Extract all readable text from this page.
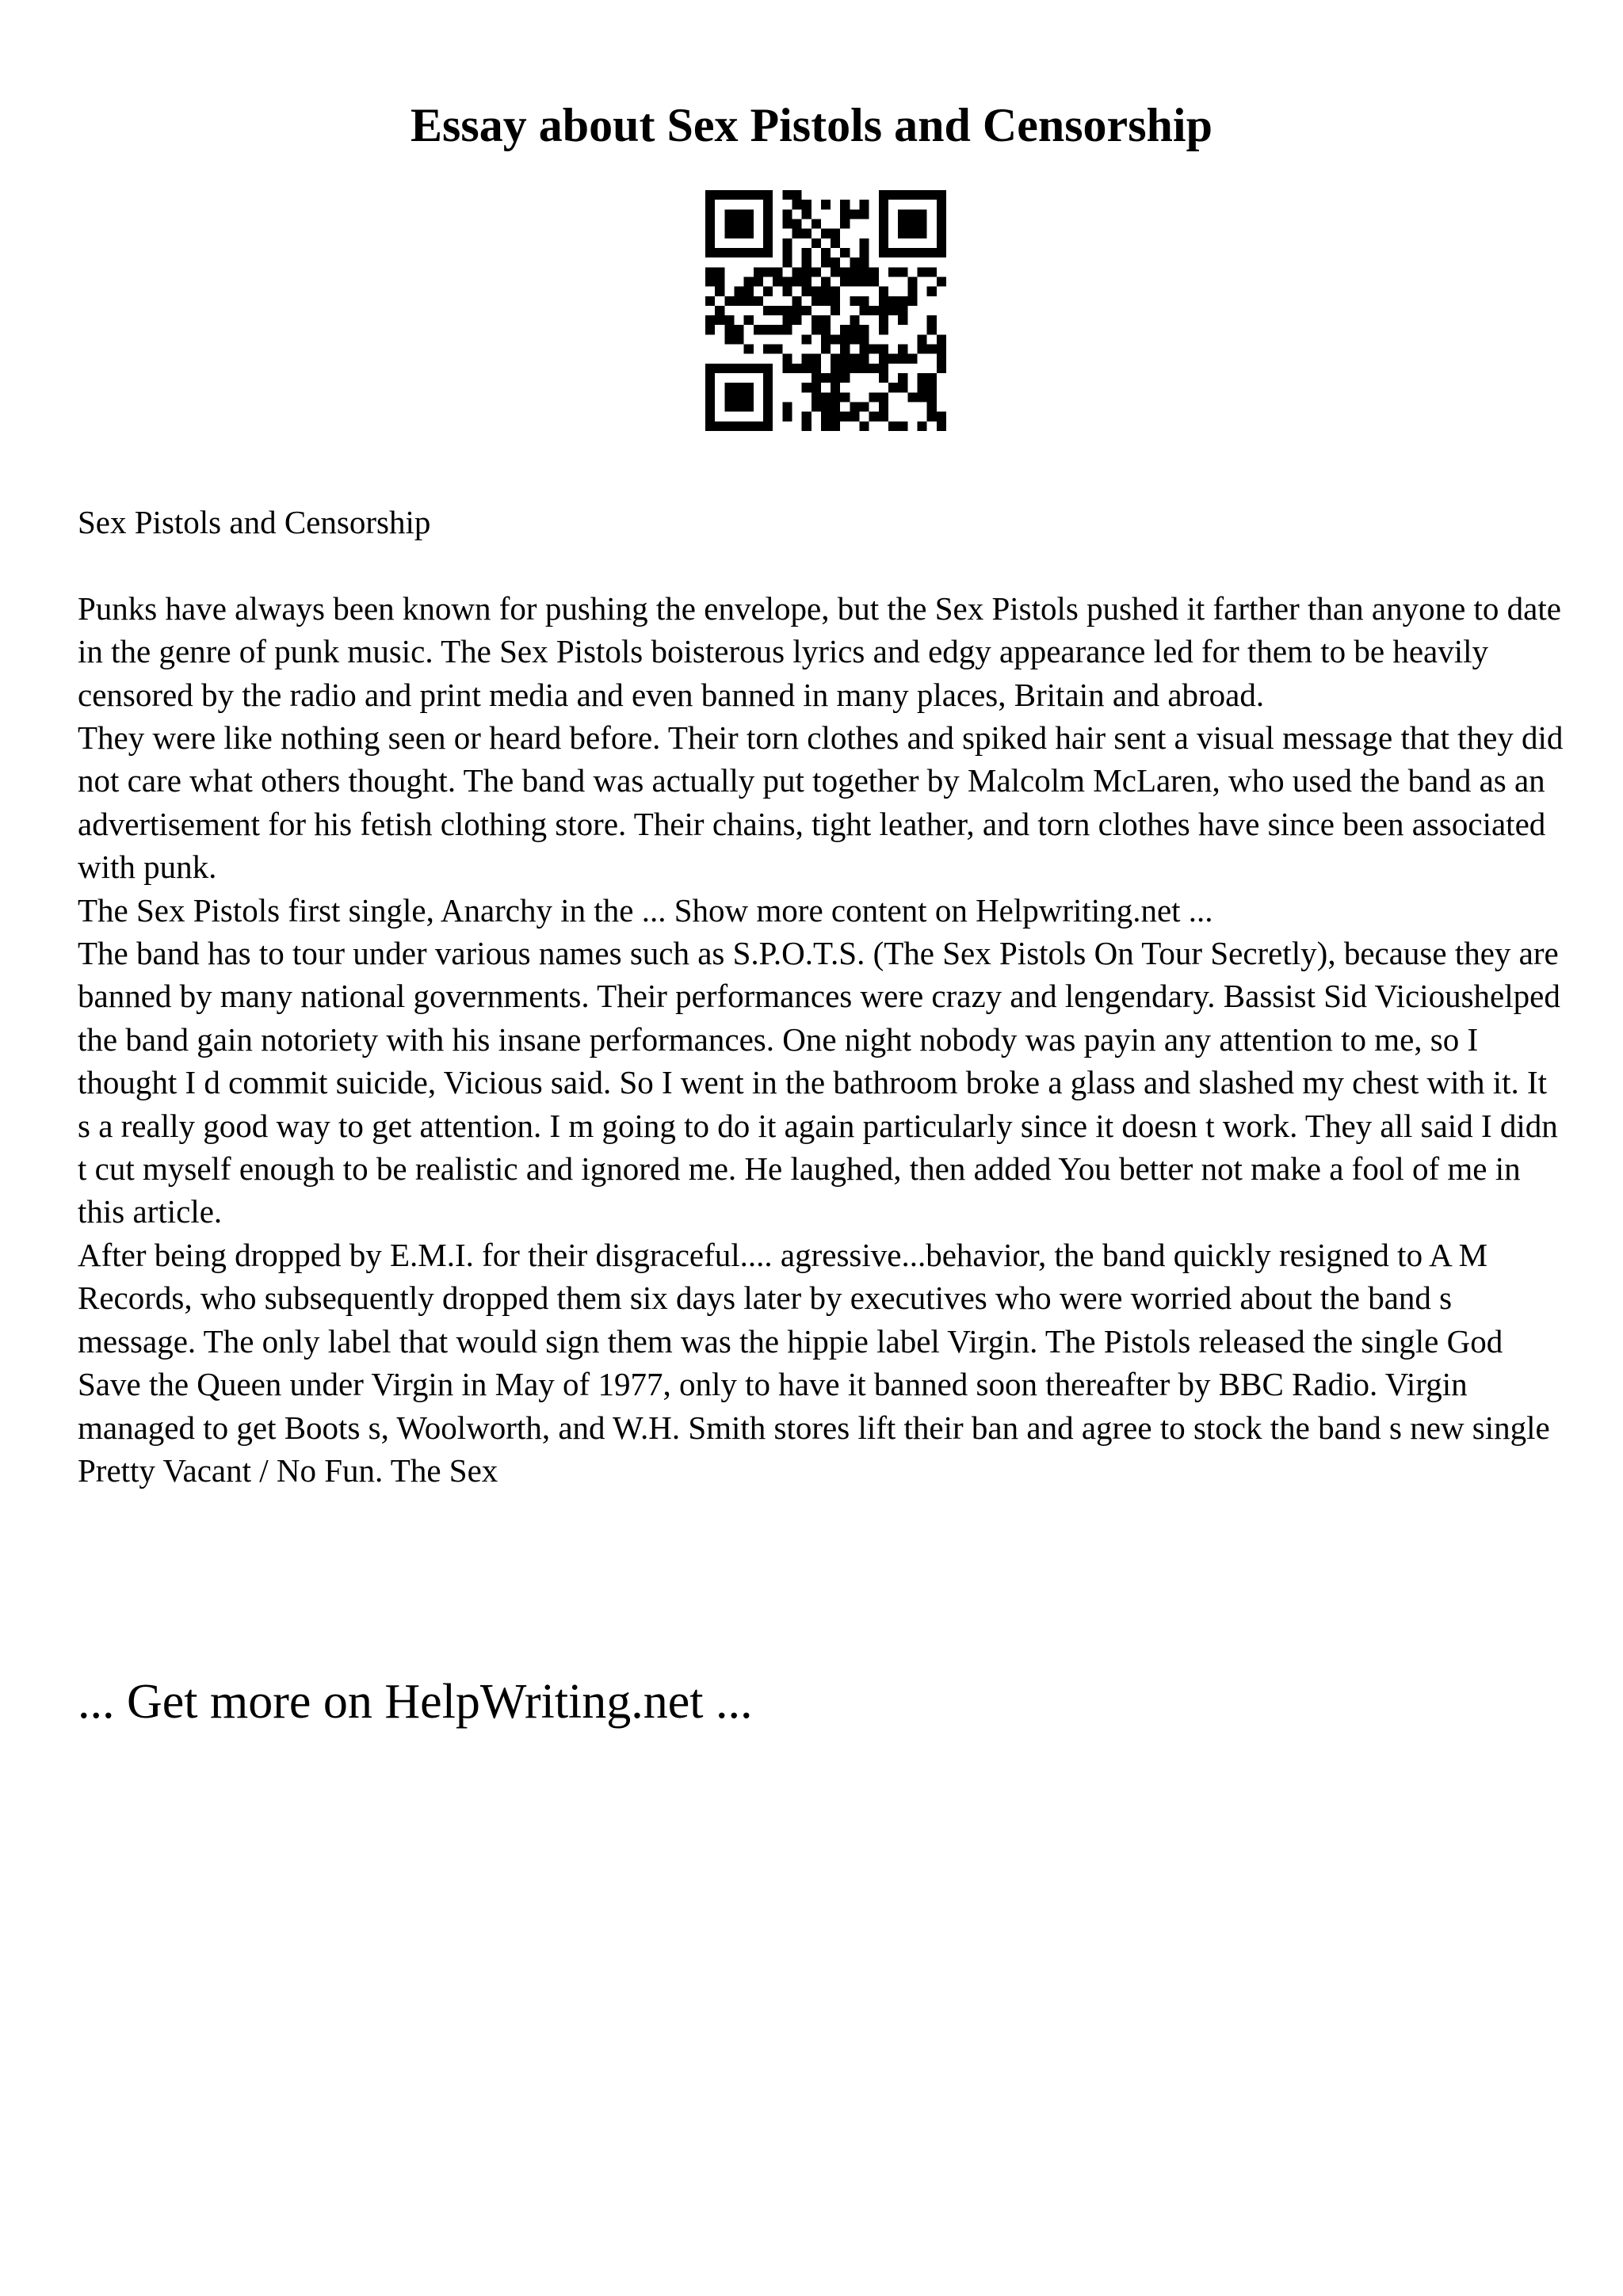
Essay about Sex Pistols and Censorship

Sex Pistols and Censorship

Punks have always been known for pushing the envelope, but the Sex Pistols pushed it farther than anyone to date in the genre of punk music. The Sex Pistols boisterous lyrics and edgy appearance led for them to be heavily censored by the radio and print media and even banned in many places, Britain and abroad.

They were like nothing seen or heard before. Their torn clothes and spiked hair sent a visual message that they did not care what others thought. The band was actually put together by Malcolm McLaren, who used the band as an advertisement for his fetish clothing store. Their chains, tight leather, and torn clothes have since been associated with punk.

The Sex Pistols first single, Anarchy in the ... Show more content on Helpwriting.net ...

The band has to tour under various names such as S.P.O.T.S. (The Sex Pistols On Tour Secretly), because they are banned by many national governments. Their performances were crazy and lengendary. Bassist Sid Vicioushelped the band gain notoriety with his insane performances. One night nobody was payin any attention to me, so I thought I d commit suicide, Vicious said. So I went in the bathroom broke a glass and slashed my chest with it. It s a really good way to get attention. I m going to do it again particularly since it doesn t work. They all said I didn t cut myself enough to be realistic and ignored me. He laughed, then added You better not make a fool of me in this article.

After being dropped by E.M.I. for their disgraceful.... agressive...behavior, the band quickly resigned to A M Records, who subsequently dropped them six days later by executives who were worried about the band s message. The only label that would sign them was the hippie label Virgin. The Pistols released the single God Save the Queen under Virgin in May of 1977, only to have it banned soon thereafter by BBC Radio. Virgin managed to get Boots s, Woolworth, and W.H. Smith stores lift their ban and agree to stock the band s new single Pretty Vacant / No Fun. The Sex

... Get more on HelpWriting.net ...
